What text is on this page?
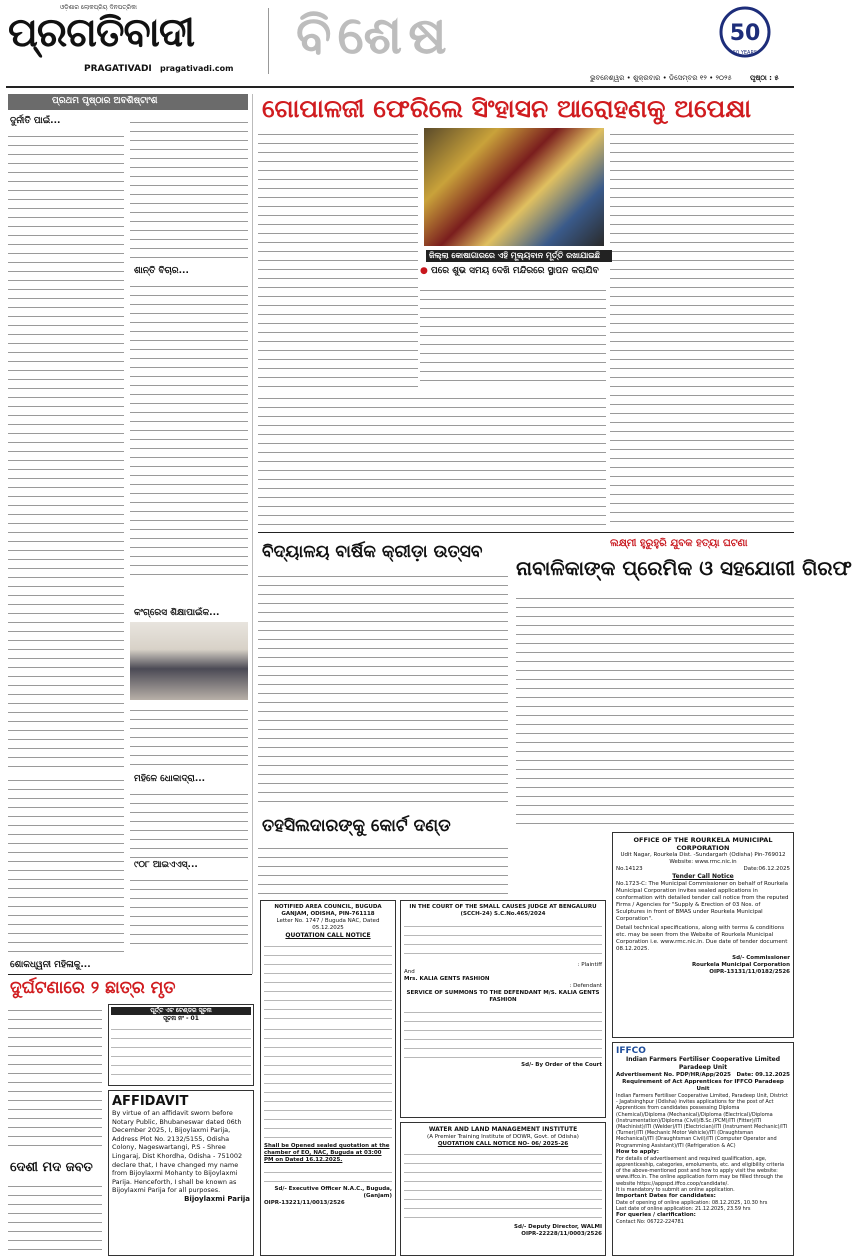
ଓଡ଼ିଶାର ଲୋକପ୍ରିୟ ଦିନପତ୍ରିକା
ପ୍ରଗତିବାଦୀ
PRAGATIVADI pragativadi.com
ବିଶେଷ	50
50 YEARS
ଭୁବନେଶ୍ୱର • ଶୁକ୍ରବାର • ଡିସେମ୍ବର ୧୨ • ୨୦୨୫	ପୃଷ୍ଠା : ୫
ପ୍ରଥମ ପୃଷ୍ଠାର ଅବଶିଷ୍ଟାଂଶ
ଦୁର୍ନୀତି ପାଇଁ...
ଶାନ୍ତି ବିଚାର...
କଂଗ୍ରେସ ଶିକ୍ଷାପାଇଁକ...
ମହିଳେ ଧୋକାଦ୍ରା...
୯୦୮ ଆଇଏଏସ୍‌...
ଶୋକଧ୍ୱନୀ ମହିଳାକୁ...
ଗୋପାଳଜୀ ଫେରିଲେ ସିଂହାସନ ଆରୋହଣକୁ ଅପେକ୍ଷା
ଜିଲ୍ଲା କୋଷାଗାରରେ ଏହି ମୂଲ୍ୟବାନ ମୂର୍ତ୍ତି ରଖାଯାଇଛି
● ପରେ ଶୁଭ ସମୟ ଦେଖି ମନ୍ଦିରରେ ସ୍ଥାପନ କରାଯିବ
ବିଦ୍ୟାଳୟ ବାର୍ଷିକ କ୍ରୀଡ଼ା ଉତ୍ସବ	ଲକ୍ଷ୍ମୀ ହୁରୁହୁରି ଯୁବକ ହତ୍ୟା ଘଟଣା
ନାବାଳିକାଙ୍କ ପ୍ରେମିକ ଓ ସହଯୋଗୀ ଗିରଫ
ତହସିଲଦାରଙ୍କୁ କୋର୍ଟ ଦଣ୍ଡ
IN THE COURT OF THE SMALL CAUSES JUDGE AT BENGALURU
(SCCH-24) S.C.No.465/2024
: Plaintiff
And
Mrs. KALIA GENTS FASHION
: Defendant
SERVICE OF SUMMONS TO THE DEFENDANT M/S. KALIA GENTS FASHION
Sd/- By Order of the Court
OFFICE OF THE ROURKELA MUNICIPAL CORPORATION
Udit Nagar, Rourkela Dist. -Sundargarh (Odisha) Pin-769012
Website: www.rmc.nic.in
No.14123	Date:06.12.2025
Tender Call Notice
No.1723-C: The Municipal Commissioner on behalf of Rourkela Municipal Corporation invites sealed applications in conformation with detailed tender call notice from the reputed Firms / Agencies for "Supply & Erection of 03 Nos. of Sculptures in front of BMAS under Rourkela Municipal Corporation".
Detail technical specifications, along with terms & conditions etc. may be seen from the Website of Rourkela Municipal Corporation i.e. www.rmc.nic.in. Due date of tender document 08.12.2025.
Sd/- Commissioner
Rourkela Municipal Corporation
OIPR-13131/11/0182/2526
ଦୁର୍ଘଟଣାରେ ୨ ଛାତ୍ର ମୃତ
ପୂର୍ତ୍ତ ଏଟ ଟେଣ୍ଡର ସୂଚନା
ସୂଚନା ନଂ - 01
AFFIDAVIT
By virtue of an affidavit sworn before Notary Public, Bhubaneswar dated 06th December 2025, I, Bijoylaxmi Parija, Address Plot No. 2132/5155, Odisha Colony, Nageswartangi, P.S - Shree Lingaraj, Dist Khordha, Odisha - 751002 declare that, I have changed my name from Bijoylaxmi Mohanty to Bijoylaxmi Parija. Henceforth, I shall be known as Bijoylaxmi Parija for all purposes.
Bijoylaxmi Parija
ଦେଶୀ ମଦ ଜବତ
NOTIFIED AREA COUNCIL, BUGUDA
GANJAM, ODISHA, PIN-761118
Letter No. 1747 / Buguda NAC, Dated 05.12.2025
QUOTATION CALL NOTICE
Shall be Opened sealed quotation at the chamber of EO, NAC, Buguda at 03:00 PM on Dated 16.12.2025.
Sd/- Executive Officer N.A.C., Buguda, (Ganjam)
OIPR-13221/11/0013/2526
WATER AND LAND MANAGEMENT INSTITUTE
(A Premier Training Institute of DOWR, Govt. of Odisha)
QUOTATION CALL NOTICE NO- 06/ 2025-26
Sd/- Deputy Director, WALMI
OIPR-22228/11/0003/2526
IFFCO
Indian Farmers Fertiliser Cooperative Limited
Paradeep Unit
Advertisement No. PDP/HR/App/2025 Date: 09.12.2025
Requirement of Act Apprentices for IFFCO Paradeep Unit
Indian Farmers Fertiliser Cooperative Limited, Paradeep Unit, District - Jagatsinghpur (Odisha) invites applications for the post of Act Apprentices from candidates possessing Diploma (Chemical)/Diploma (Mechanical)/Diploma (Electrical)/Diploma (Instrumentation)/Diploma (Civil)/B.Sc.(PCM)/ITI (Fitter)/ITI (Machinist)/ITI (Welder)/ITI (Electrician)/ITI (Instrument Mechanic)/ITI (Turner)/ITI (Mechanic Motor Vehicle)/ITI (Draughtsman Mechanical)/ITI (Draughtsman Civil)/ITI (Computer Operator and Programming Assistant)/ITI (Refrigeration & AC)
How to apply:
For details of advertisement and required qualification, age, apprenticeship, categories, emoluments, etc. and eligibility criteria of the above-mentioned post and how to apply visit the website: www.iffco.in. The online application form may be filled through the website https://appspd.iffco.coop/candidate/.
It is mandatory to submit an online application.
Important Dates for candidates:
Date of opening of online application: 08.12.2025, 10.30 hrs
Last date of online application: 21.12.2025, 23.59 hrs
For queries / clarification:
Contact No: 06722-224781
